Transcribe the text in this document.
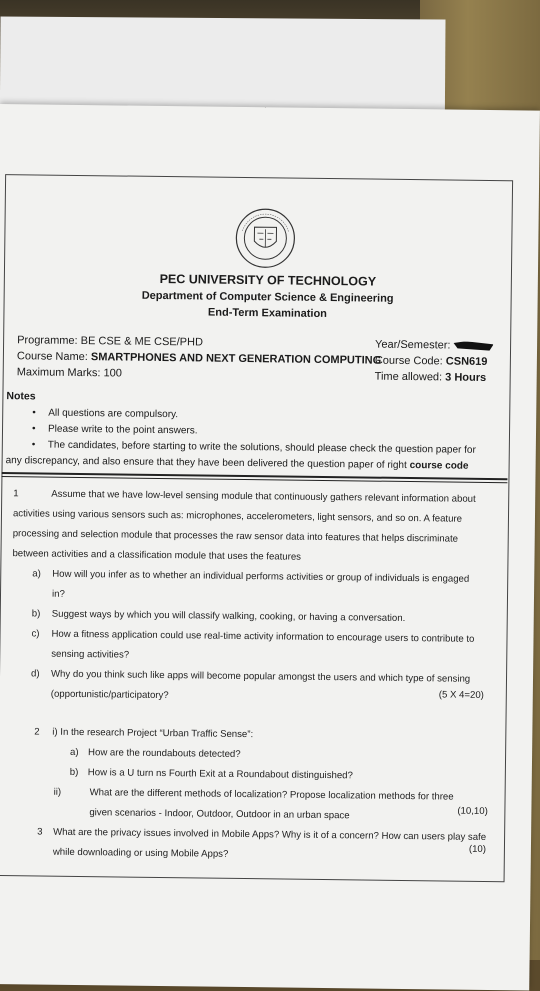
PEC UNIVERSITY OF TECHNOLOGY
Department of Computer Science & Engineering
End-Term Examination
Programme: BE CSE & ME CSE/PHD
Course Name: SMARTPHONES AND NEXT GENERATION COMPUTING
Maximum Marks: 100
Year/Semester:
Course Code: CSN619
Time allowed: 3 Hours
Notes
• All questions are compulsory.
• Please write to the point answers.
• The candidates, before starting to write the solutions, should please check the question paper for
any discrepancy, and also ensure that they have been delivered the question paper of right course code
1	Assume that we have low-level sensing module that continuously gathers relevant information about
activities using various sensors such as: microphones, accelerometers, light sensors, and so on. A feature
processing and selection module that processes the raw sensor data into features that helps discriminate
between activities and a classification module that uses the features
a) How will you infer as to whether an individual performs activities or group of individuals is engaged
in?
b) Suggest ways by which you will classify walking, cooking, or having a conversation.
c) How a fitness application could use real-time activity information to encourage users to contribute to
sensing activities?
d) Why do you think such like apps will become popular amongst the users and which type of sensing
(opportunistic/participatory?	(5 X 4=20)
2 i) In the research Project “Urban Traffic Sense”:
a) How are the roundabouts detected?
b) How is a U turn ns Fourth Exit at a Roundabout distinguished?
ii)	What are the different methods of localization? Propose localization methods for three
given scenarios - Indoor, Outdoor, Outdoor in an urban space	(10,10)
3 What are the privacy issues involved in Mobile Apps? Why is it of a concern? How can users play safe
while downloading or using Mobile Apps?	(10)
